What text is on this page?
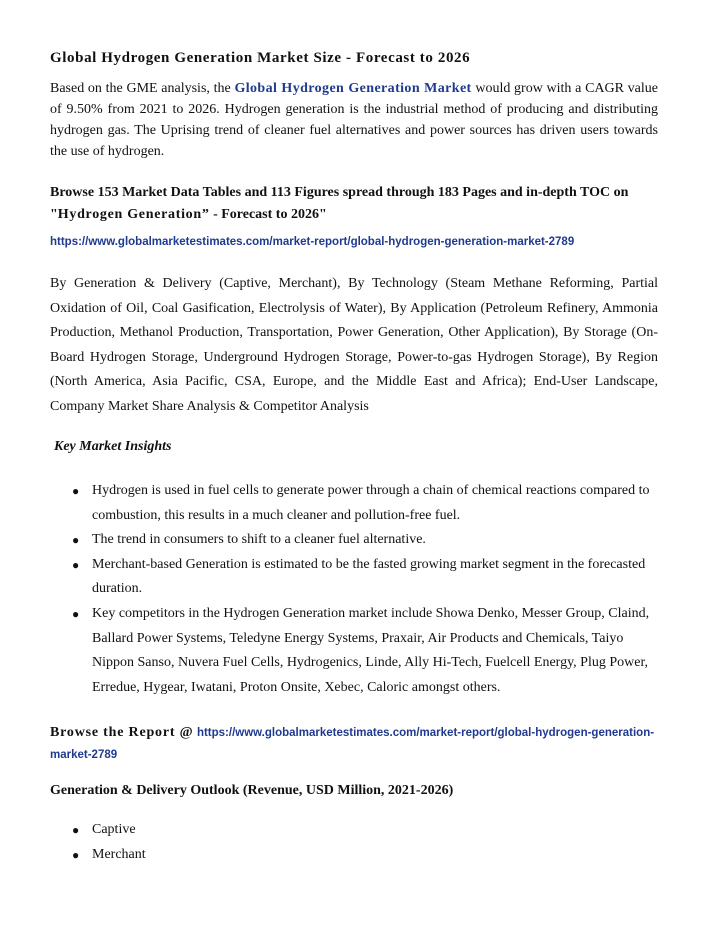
Global Hydrogen Generation Market Size - Forecast to 2026

Based on the GME analysis, the Global Hydrogen Generation Market would grow with a CAGR value of 9.50% from 2021 to 2026. Hydrogen generation is the industrial method of producing and distributing hydrogen gas. The Uprising trend of cleaner fuel alternatives and power sources has driven users towards the use of hydrogen.

Browse 153 Market Data Tables and 113 Figures spread through 183 Pages and in-depth TOC on "Hydrogen Generation” - Forecast to 2026"

https://www.globalmarketestimates.com/market-report/global-hydrogen-generation-market-2789

By Generation & Delivery (Captive, Merchant), By Technology (Steam Methane Reforming, Partial Oxidation of Oil, Coal Gasification, Electrolysis of Water), By Application (Petroleum Refinery, Ammonia Production, Methanol Production, Transportation, Power Generation, Other Application), By Storage (On-Board Hydrogen Storage, Underground Hydrogen Storage, Power-to-gas Hydrogen Storage), By Region (North America, Asia Pacific, CSA, Europe, and the Middle East and Africa); End-User Landscape, Company Market Share Analysis & Competitor Analysis

Key Market Insights

● Hydrogen is used in fuel cells to generate power through a chain of chemical reactions compared to combustion, this results in a much cleaner and pollution-free fuel.
● The trend in consumers to shift to a cleaner fuel alternative.
● Merchant-based Generation is estimated to be the fasted growing market segment in the forecasted duration.
● Key competitors in the Hydrogen Generation market include Showa Denko, Messer Group, Claind, Ballard Power Systems, Teledyne Energy Systems, Praxair, Air Products and Chemicals, Taiyo Nippon Sanso, Nuvera Fuel Cells, Hydrogenics, Linde, Ally Hi-Tech, Fuelcell Energy, Plug Power, Erredue, Hygear, Iwatani, Proton Onsite, Xebec, Caloric amongst others.

Browse the Report @ https://www.globalmarketestimates.com/market-report/global-hydrogen-generation-market-2789

Generation & Delivery Outlook (Revenue, USD Million, 2021-2026)

● Captive
● Merchant
